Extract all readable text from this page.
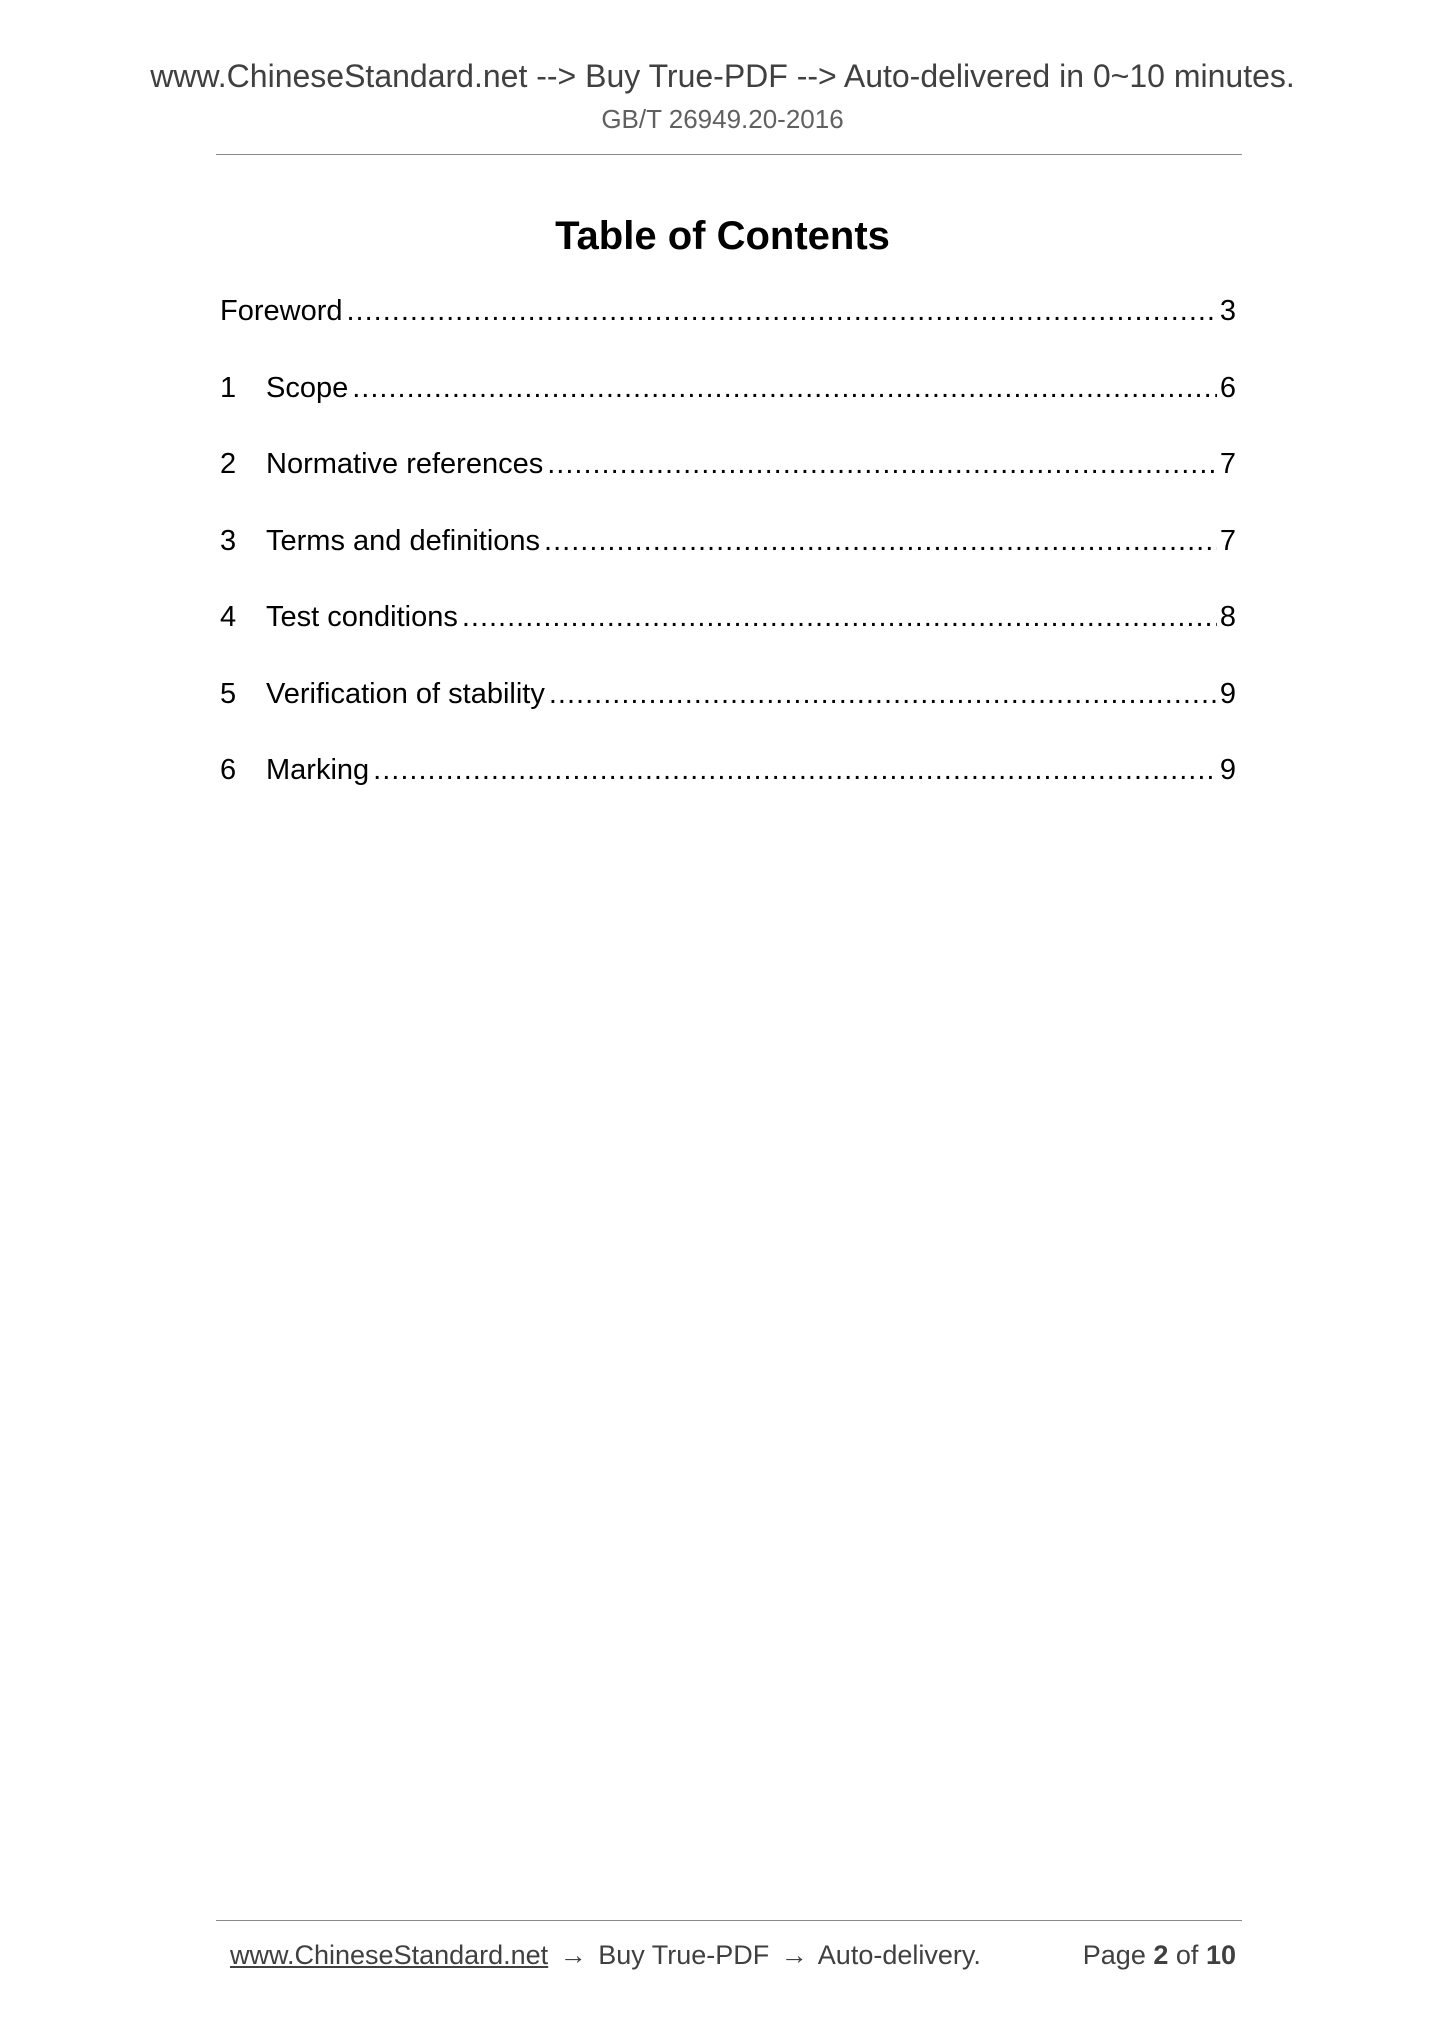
www.ChineseStandard.net --> Buy True-PDF --> Auto-delivered in 0~10 minutes.
GB/T 26949.20-2016
Table of Contents
Foreword .....	3
1	Scope .....	6
2	Normative references .....	7
3	Terms and definitions .....	7
4	Test conditions .....	8
5	Verification of stability .....	9
6	Marking .....	9
www.ChineseStandard.net → Buy True-PDF → Auto-delivery.	Page 2 of 10
